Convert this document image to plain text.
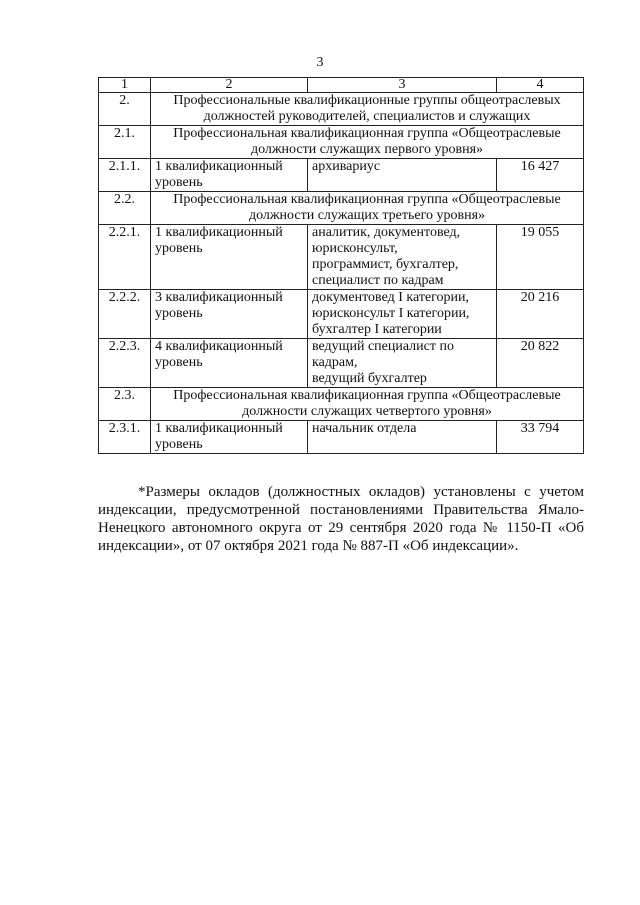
3
1	2	3	4
2.	Профессиональные квалификационные группы общеотраслевых должностей руководителей, специалистов и служащих		
2.1.	Профессиональная квалификационная группа «Общеотраслевые должности служащих первого уровня»		
2.1.1.	1 квалификационный уровень	архивариус	16 427
2.2.	Профессиональная квалификационная группа «Общеотраслевые должности служащих третьего уровня»		
2.2.1.	1 квалификационный уровень	аналитик, документовед,
юрисконсульт,
программист, бухгалтер,
специалист по кадрам	19 055
2.2.2.	3 квалификационный уровень	документовед I категории,
юрисконсульт I категории,
бухгалтер I категории	20 216
2.2.3.	4 квалификационный уровень	ведущий специалист по
кадрам,
ведущий бухгалтер	20 822
2.3.	Профессиональная квалификационная группа «Общеотраслевые должности служащих четвертого уровня»		
2.3.1.	1 квалификационный уровень	начальник отдела	33 794

*Размеры окладов (должностных окладов) установлены с учетом индексации, предусмотренной постановлениями Правительства Ямало-Ненецкого автономного округа от 29 сентября 2020 года № 1150-П «Об индексации», от 07 октября 2021 года № 887-П «Об индексации».
